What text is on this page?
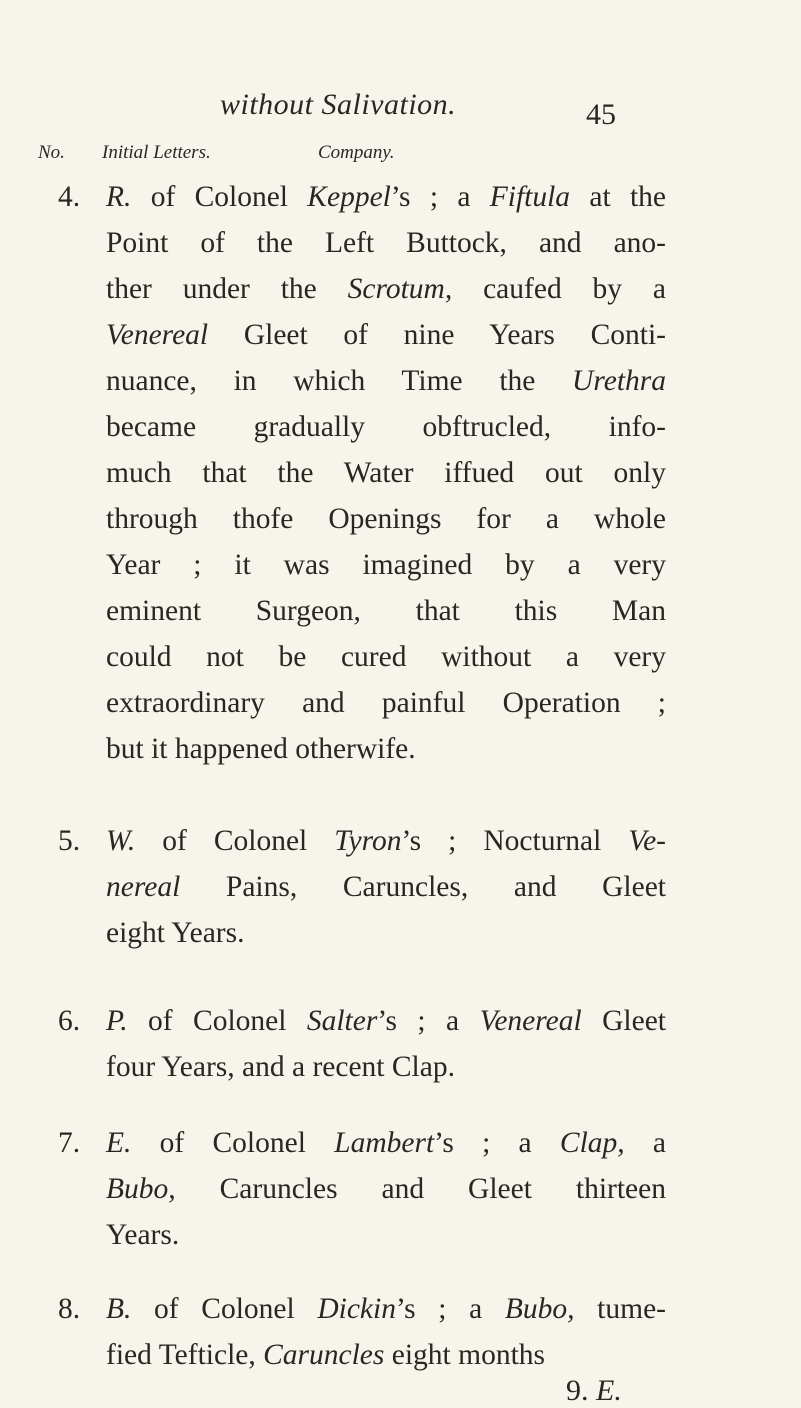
without Salivation.	45
No. Initial Letters.	Company.
4. R. of Colonel Keppel’s ; a Fiftula at the
Point of the Left Buttock, and ano-
ther under the Scrotum, caufed by a
Venereal Gleet of nine Years Conti-
nuance, in which Time the Urethra
became gradually obftrucled, info-
much that the Water iffued out only
through thofe Openings for a whole
Year ; it was imagined by a very
eminent Surgeon, that this Man
could not be cured without a very
extraordinary and painful Operation ;
but it happened otherwife.
5. W. of Colonel Tyron’s ; Nocturnal Ve-
nereal Pains, Caruncles, and Gleet
eight Years.
6. P. of Colonel Salter’s ; a Venereal Gleet
four Years, and a recent Clap.
7. E. of Colonel Lambert’s ; a Clap, a
Bubo, Caruncles and Gleet thirteen
Years.
8. B. of Colonel Dickin’s ; a Bubo, tume-
fied Tefticle, Caruncles eight months
9. E.
